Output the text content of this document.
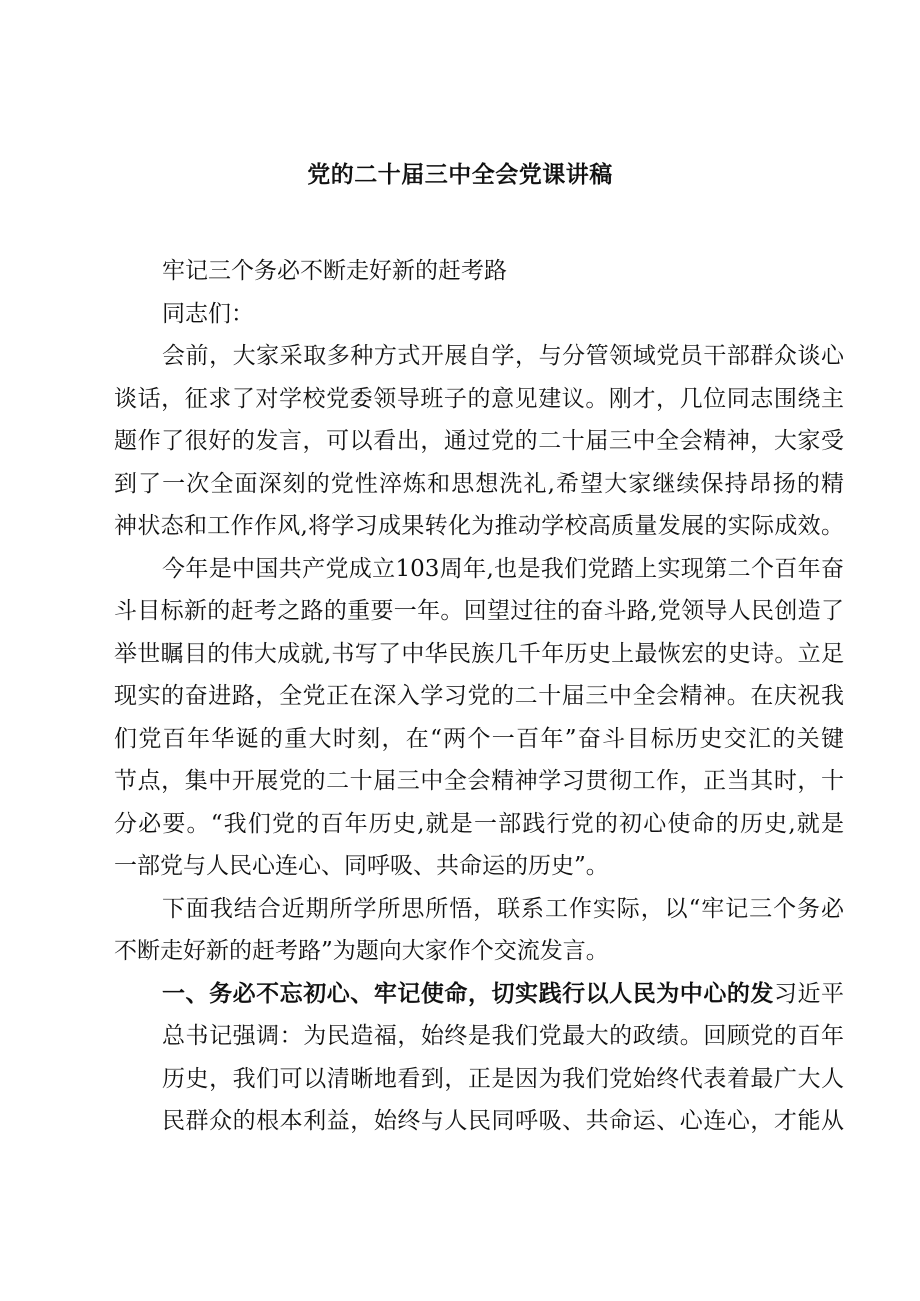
党的二十届三中全会党课讲稿
牢记三个务必不断走好新的赶考路
同志们：
会前，大家采取多种方式开展自学，与分管领域党员干部群众谈心
谈话，征求了对学校党委领导班子的意见建议。刚才，几位同志围绕主
题作了很好的发言，可以看出，通过党的二十届三中全会精神，大家受
到了一次全面深刻的党性淬炼和思想洗礼,希望大家继续保持昂扬的精
神状态和工作作风,将学习成果转化为推动学校高质量发展的实际成效。
今年是中国共产党成立103周年,也是我们党踏上实现第二个百年奋
斗目标新的赶考之路的重要一年。回望过往的奋斗路,党领导人民创造了
举世瞩目的伟大成就,书写了中华民族几千年历史上最恢宏的史诗。立足
现实的奋进路，全党正在深入学习党的二十届三中全会精神。在庆祝我
们党百年华诞的重大时刻，在“两个一百年”奋斗目标历史交汇的关键
节点，集中开展党的二十届三中全会精神学习贯彻工作，正当其时，十
分必要。“我们党的百年历史,就是一部践行党的初心使命的历史,就是
一部党与人民心连心、同呼吸、共命运的历史”。
下面我结合近期所学所思所悟，联系工作实际，以“牢记三个务必
不断走好新的赶考路”为题向大家作个交流发言。
一、务必不忘初心、牢记使命，切实践行以人民为中心的发习近平
总书记强调：为民造福，始终是我们党最大的政绩。回顾党的百年
历史，我们可以清晰地看到，正是因为我们党始终代表着最广大人
民群众的根本利益，始终与人民同呼吸、共命运、心连心，才能从
